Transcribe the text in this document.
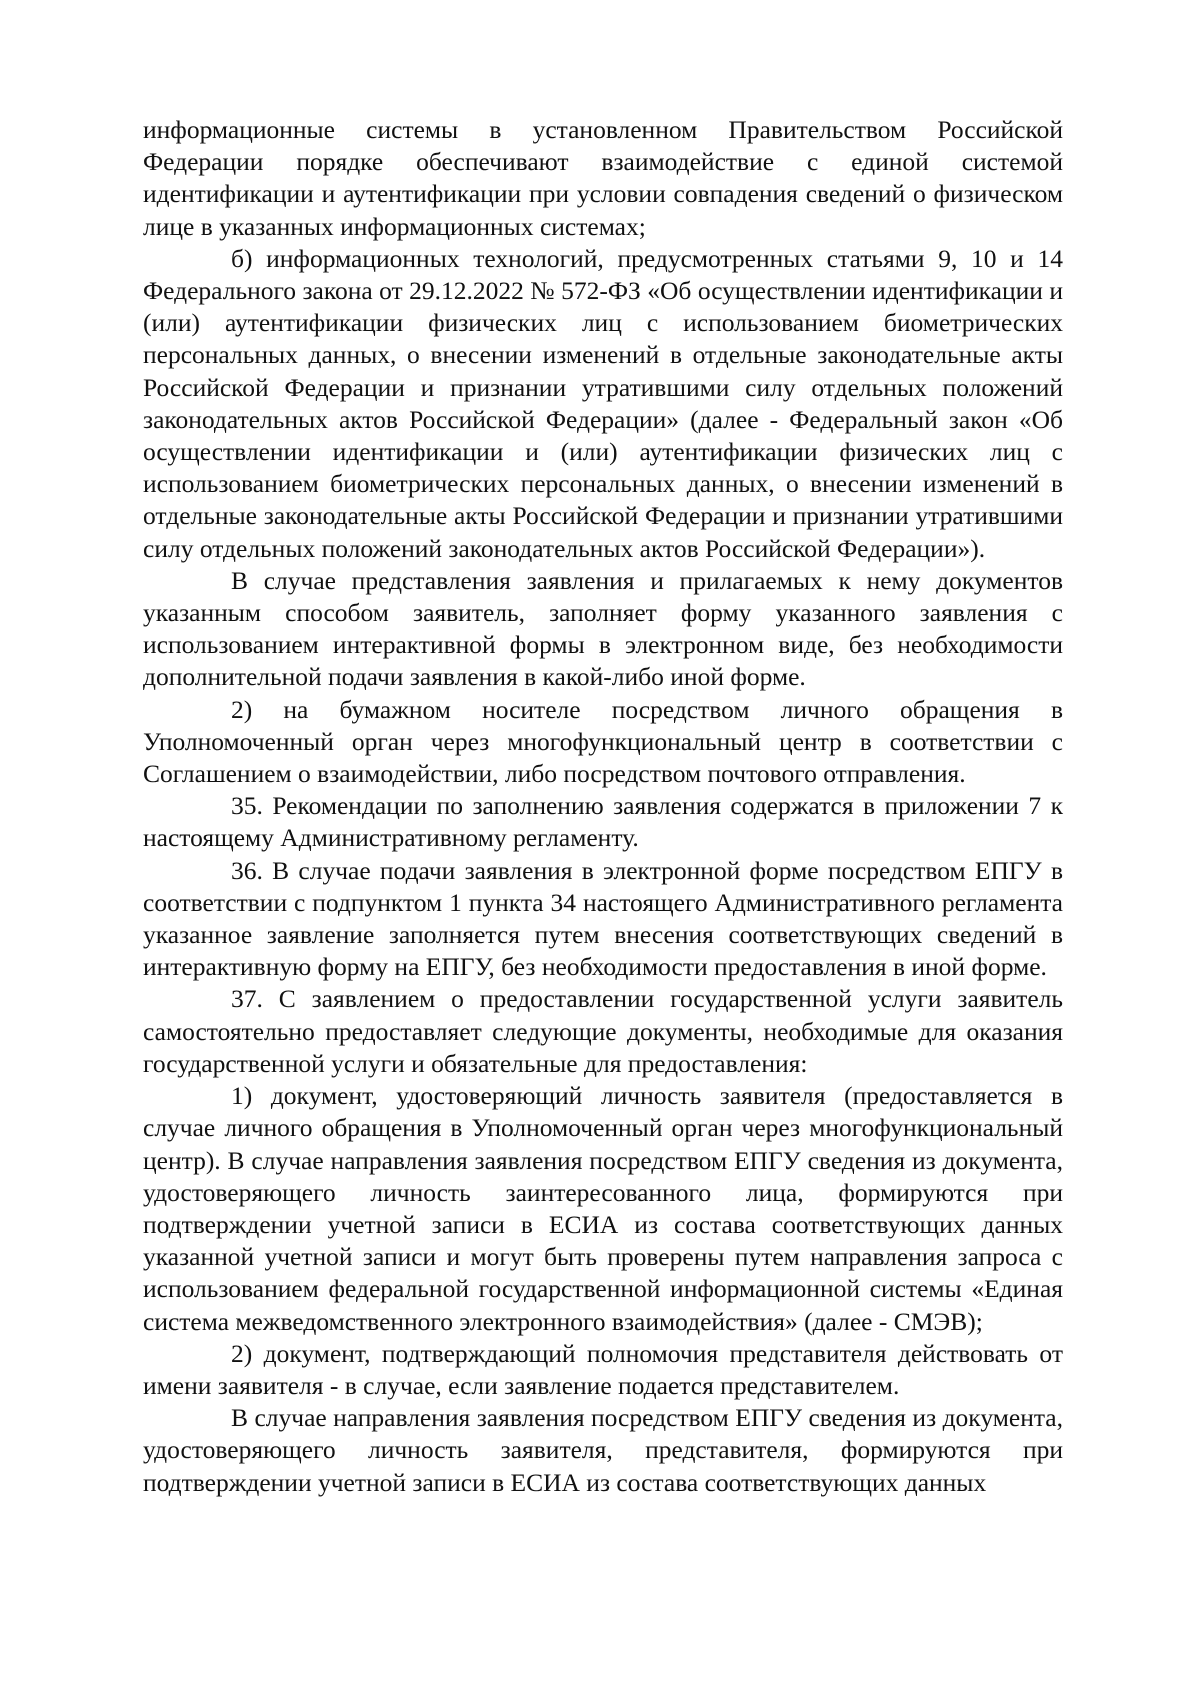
информационные системы в установленном Правительством Российской Федерации порядке обеспечивают взаимодействие с единой системой идентификации и аутентификации при условии совпадения сведений о физическом лице в указанных информационных системах;

б) информационных технологий, предусмотренных статьями 9, 10 и 14 Федерального закона от 29.12.2022 № 572-ФЗ «Об осуществлении идентификации и (или) аутентификации физических лиц с использованием биометрических персональных данных, о внесении изменений в отдельные законодательные акты Российской Федерации и признании утратившими силу отдельных положений законодательных актов Российской Федерации» (далее - Федеральный закон «Об осуществлении идентификации и (или) аутентификации физических лиц с использованием биометрических персональных данных, о внесении изменений в отдельные законодательные акты Российской Федерации и признании утратившими силу отдельных положений законодательных актов Российской Федерации»).

В случае представления заявления и прилагаемых к нему документов указанным способом заявитель, заполняет форму указанного заявления с использованием интерактивной формы в электронном виде, без необходимости дополнительной подачи заявления в какой-либо иной форме.

2) на бумажном носителе посредством личного обращения в Уполномоченный орган через многофункциональный центр в соответствии с Соглашением о взаимодействии, либо посредством почтового отправления.

35. Рекомендации по заполнению заявления содержатся в приложении 7 к настоящему Административному регламенту.

36. В случае подачи заявления в электронной форме посредством ЕПГУ в соответствии с подпунктом 1 пункта 34 настоящего Административного регламента указанное заявление заполняется путем внесения соответствующих сведений в интерактивную форму на ЕПГУ, без необходимости предоставления в иной форме.

37. С заявлением о предоставлении государственной услуги заявитель самостоятельно предоставляет следующие документы, необходимые для оказания государственной услуги и обязательные для предоставления:

1) документ, удостоверяющий личность заявителя (предоставляется в случае личного обращения в Уполномоченный орган через многофункциональный центр). В случае направления заявления посредством ЕПГУ сведения из документа, удостоверяющего личность заинтересованного лица, формируются при подтверждении учетной записи в ЕСИА из состава соответствующих данных указанной учетной записи и могут быть проверены путем направления запроса с использованием федеральной государственной информационной системы «Единая система межведомственного электронного взаимодействия» (далее - СМЭВ);

2) документ, подтверждающий полномочия представителя действовать от имени заявителя - в случае, если заявление подается представителем.

В случае направления заявления посредством ЕПГУ сведения из документа, удостоверяющего личность заявителя, представителя, формируются при подтверждении учетной записи в ЕСИА из состава соответствующих данных
